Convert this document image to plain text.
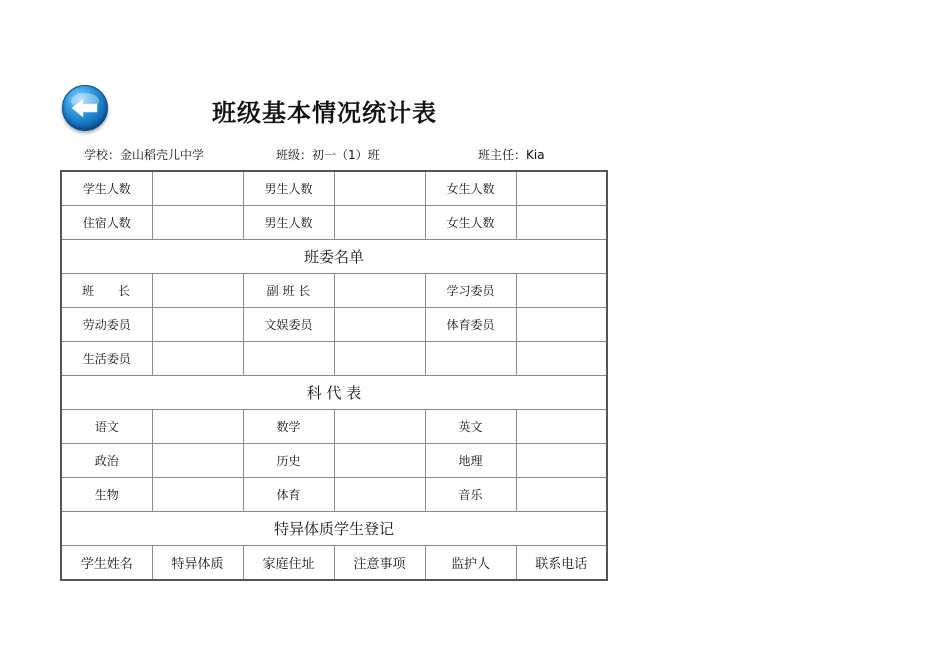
班级基本情况统计表
学校：金山稻壳儿中学	班级：初一（1）班	班主任：Kia
学生人数		男生人数		女生人数	
住宿人数		男生人数		女生人数	
班委名单					
班　　长		副 班 长		学习委员	
劳动委员		文娱委员		体育委员	
生活委员					
科 代 表					
语文		数学		英文	
政治		历史		地理	
生物		体育		音乐	
特异体质学生登记					
学生姓名	特异体质	家庭住址	注意事项	监护人	联系电话
